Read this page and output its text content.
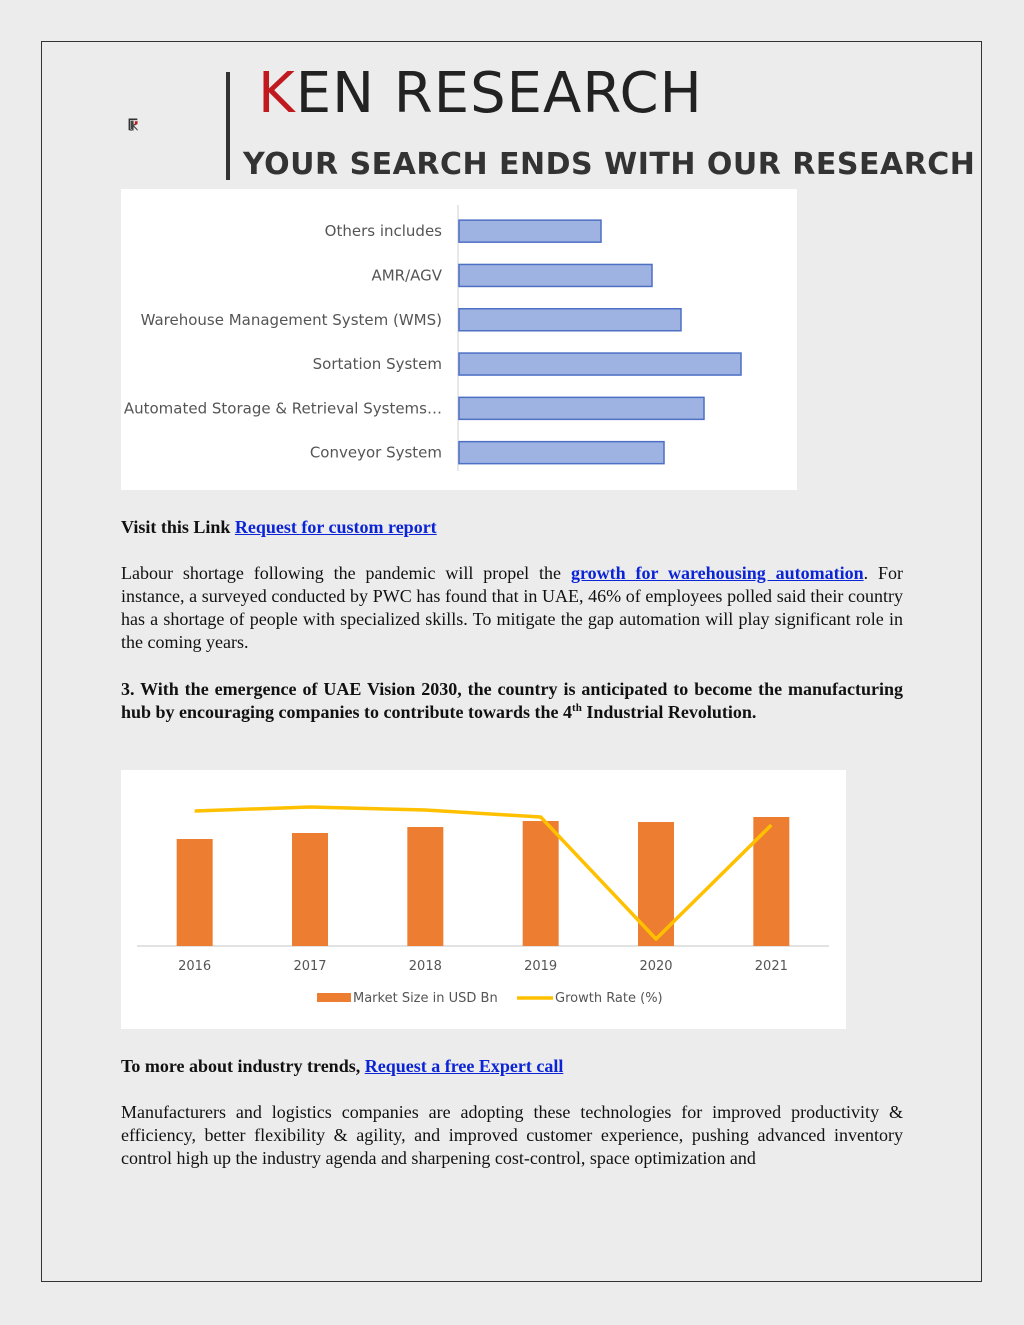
KEN RESEARCH
YOUR SEARCH ENDS WITH OUR RESEARCH
Others includes
AMR/AGV
Warehouse Management System (WMS)
Sortation System
Automated Storage & Retrieval Systems…
Conveyor System
Visit this Link Request for custom report
Labour shortage following the pandemic will propel the growth for warehousing automation. For instance, a surveyed conducted by PWC has found that in UAE, 46% of employees polled said their country has a shortage of people with specialized skills. To mitigate the gap automation will play significant role in the coming years.
3. With the emergence of UAE Vision 2030, the country is anticipated to become the manufacturing hub by encouraging companies to contribute towards the 4th Industrial Revolution.
2016	2017	2018	2019	2020	2021
Market Size in USD Bn	Growth Rate (%)
To more about industry trends, Request a free Expert call
Manufacturers and logistics companies are adopting these technologies for improved productivity & efficiency, better flexibility & agility, and improved customer experience, pushing advanced inventory control high up the industry agenda and sharpening cost-control, space optimization and
